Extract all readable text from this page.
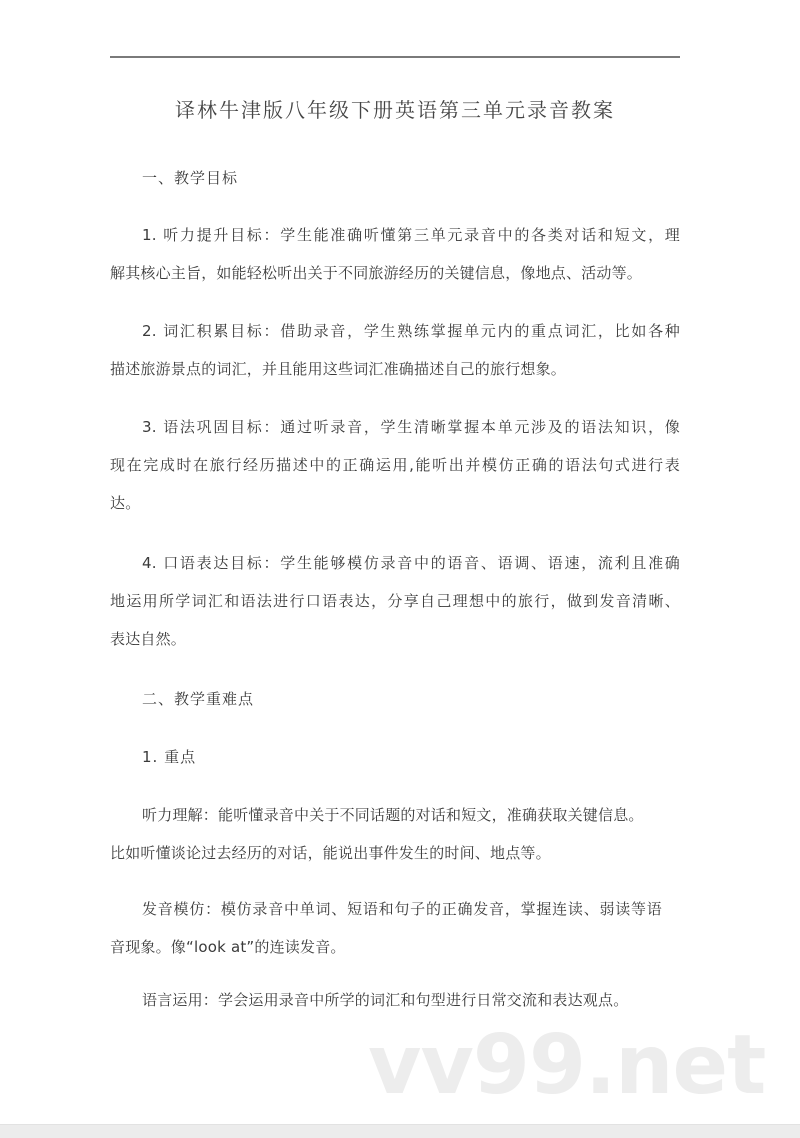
译林牛津版八年级下册英语第三单元录音教案
一、教学目标
1. 听力提升目标：学生能准确听懂第三单元录音中的各类对话和短文，理
解其核心主旨，如能轻松听出关于不同旅游经历的关键信息，像地点、活动等。
2. 词汇积累目标：借助录音，学生熟练掌握单元内的重点词汇，比如各种
描述旅游景点的词汇，并且能用这些词汇准确描述自己的旅行想象。
3. 语法巩固目标：通过听录音，学生清晰掌握本单元涉及的语法知识，像
现在完成时在旅行经历描述中的正确运用,能听出并模仿正确的语法句式进行表
达。
4. 口语表达目标：学生能够模仿录音中的语音、语调、语速，流利且准确
地运用所学词汇和语法进行口语表达，分享自己理想中的旅行，做到发音清晰、
表达自然。
二、教学重难点
1. 重点
听力理解：能听懂录音中关于不同话题的对话和短文，准确获取关键信息。
比如听懂谈论过去经历的对话，能说出事件发生的时间、地点等。
发音模仿：模仿录音中单词、短语和句子的正确发音，掌握连读、弱读等语
音现象。像“look at”的连读发音。
语言运用：学会运用录音中所学的词汇和句型进行日常交流和表达观点。
vv99.net
